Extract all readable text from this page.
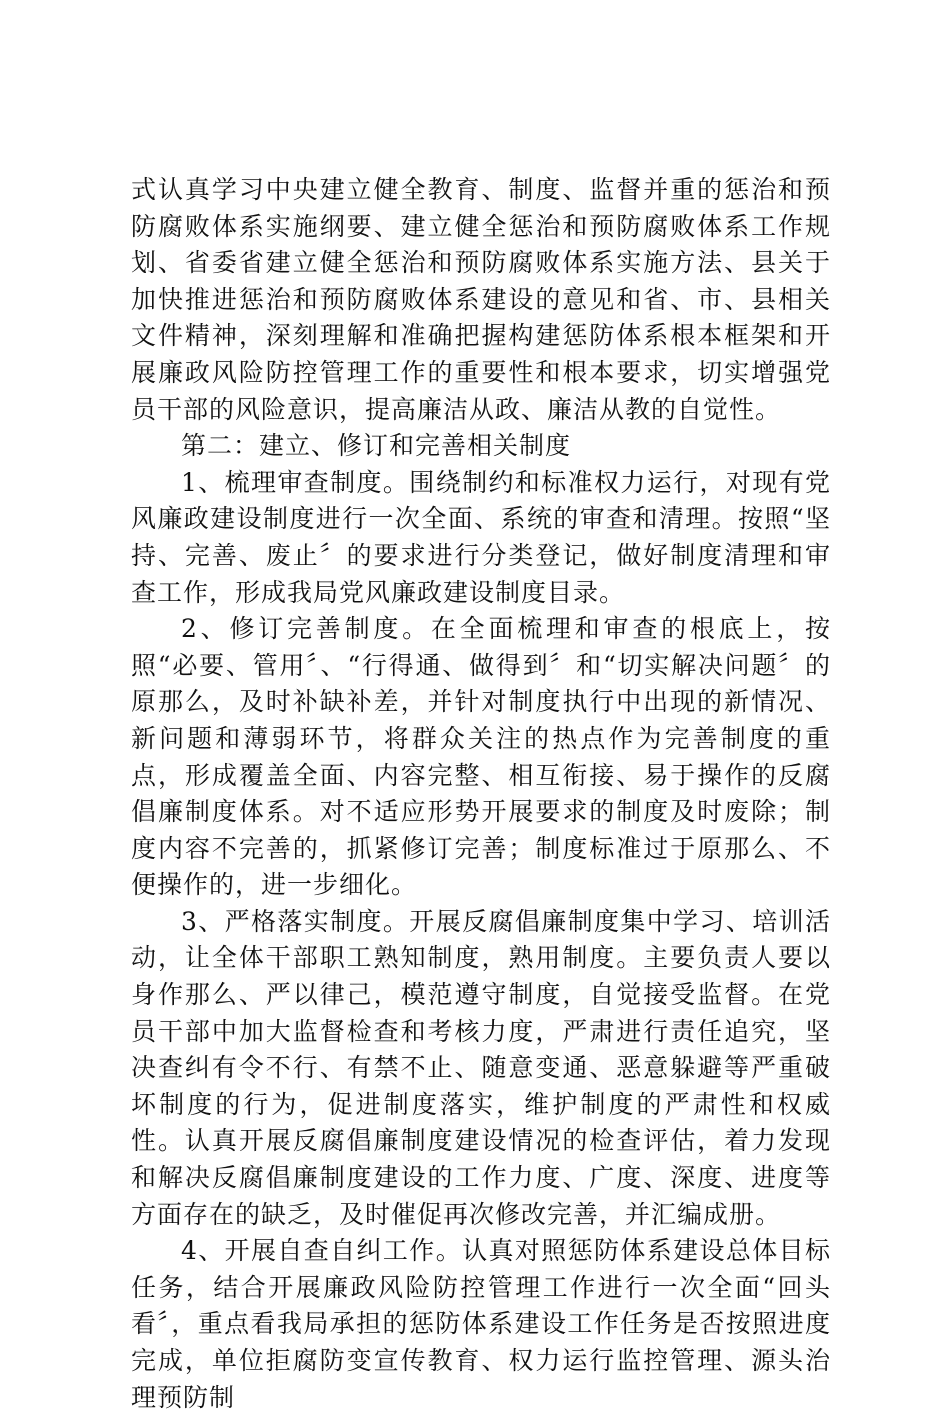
式认真学习中央建立健全教育、制度、监督并重的惩治和预防腐败体系实施纲要、建立健全惩治和预防腐败体系工作规划、省委省建立健全惩治和预防腐败体系实施方法、县关于加快推进惩治和预防腐败体系建设的意见和省、市、县相关文件精神，深刻理解和准确把握构建惩防体系根本框架和开展廉政风险防控管理工作的重要性和根本要求，切实增强党员干部的风险意识，提高廉洁从政、廉洁从教的自觉性。

第二：建立、修订和完善相关制度

1、梳理审查制度。围绕制约和标准权力运行，对现有党风廉政建设制度进行一次全面、系统的审查和清理。按照“坚持、完善、废止〞的要求进行分类登记，做好制度清理和审查工作，形成我局党风廉政建设制度目录。

2、修订完善制度。在全面梳理和审查的根底上，按照“必要、管用〞、“行得通、做得到〞和“切实解决问题〞的原那么，及时补缺补差，并针对制度执行中出现的新情况、新问题和薄弱环节，将群众关注的热点作为完善制度的重点，形成覆盖全面、内容完整、相互衔接、易于操作的反腐倡廉制度体系。对不适应形势开展要求的制度及时废除；制度内容不完善的，抓紧修订完善；制度标准过于原那么、不便操作的，进一步细化。

3、严格落实制度。开展反腐倡廉制度集中学习、培训活动，让全体干部职工熟知制度，熟用制度。主要负责人要以身作那么、严以律己，模范遵守制度，自觉接受监督。在党员干部中加大监督检查和考核力度，严肃进行责任追究，坚决查纠有令不行、有禁不止、随意变通、恶意躲避等严重破坏制度的行为，促进制度落实，维护制度的严肃性和权威性。认真开展反腐倡廉制度建设情况的检查评估，着力发现和解决反腐倡廉制度建设的工作力度、广度、深度、进度等方面存在的缺乏，及时催促再次修改完善，并汇编成册。

4、开展自查自纠工作。认真对照惩防体系建设总体目标任务，结合开展廉政风险防控管理工作进行一次全面“回头看〞，重点看我局承担的惩防体系建设工作任务是否按照进度完成，单位拒腐防变宣传教育、权力运行监控管理、源头治理预防制
